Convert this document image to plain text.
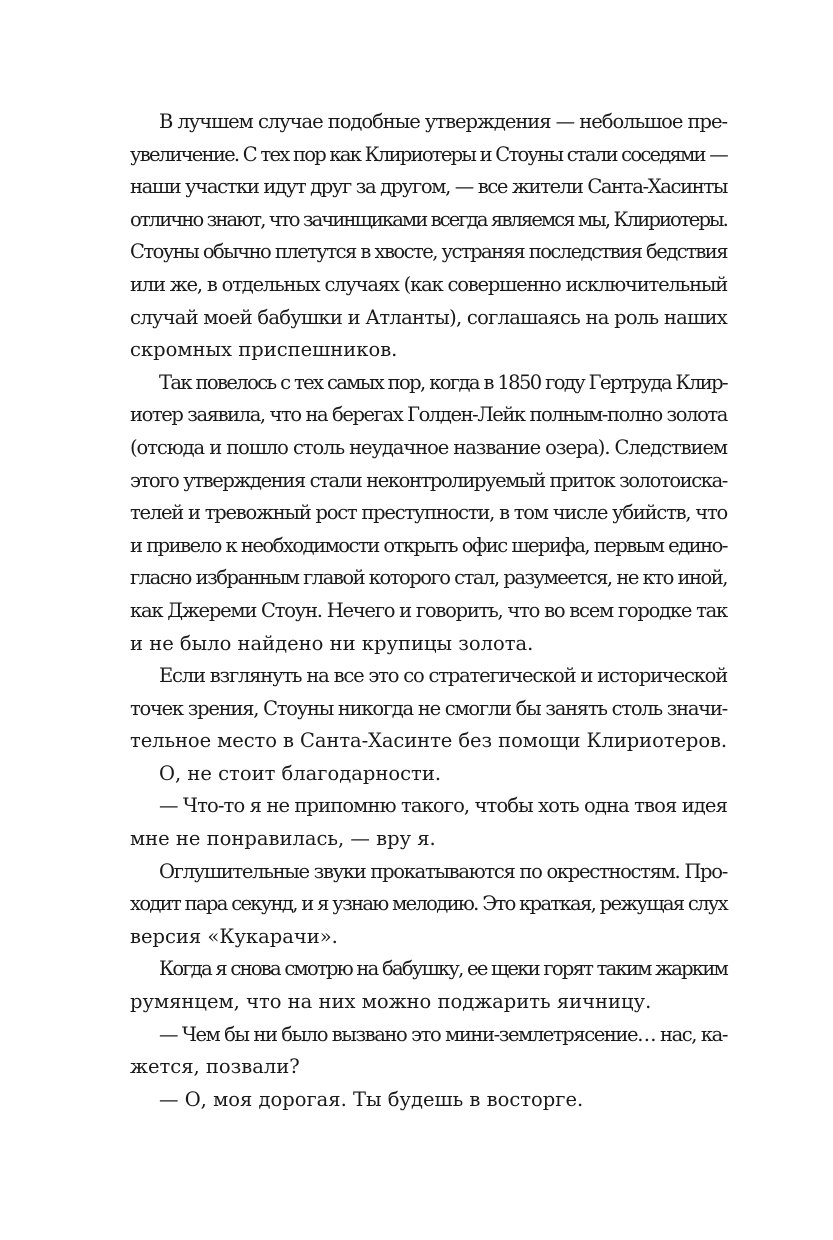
В лучшем случае подобные утверждения — небольшое пре-
увеличение. С тех пор как Клириотеры и Стоуны стали соседями —
наши участки идут друг за другом, — все жители Санта-Хасинты
отлично знают, что зачинщиками всегда являемся мы, Клириотеры.
Стоуны обычно плетутся в хвосте, устраняя последствия бедствия
или же, в отдельных случаях (как совершенно исключительный
случай моей бабушки и Атланты), соглашаясь на роль наших
скромных приспешников.
Так повелось с тех самых пор, когда в 1850 году Гертруда Клир-
иотер заявила, что на берегах Голден-Лейк полным-полно золота
(отсюда и пошло столь неудачное название озера). Следствием
этого утверждения стали неконтролируемый приток золотоиска-
телей и тревожный рост преступности, в том числе убийств, что
и привело к необходимости открыть офис шерифа, первым едино-
гласно избранным главой которого стал, разумеется, не кто иной,
как Джереми Стоун. Нечего и говорить, что во всем городке так
и не было найдено ни крупицы золота.
Если взглянуть на все это со стратегической и исторической
точек зрения, Стоуны никогда не смогли бы занять столь значи-
тельное место в Санта-Хасинте без помощи Клириотеров.
О, не стоит благодарности.
— Что-то я не припомню такого, чтобы хоть одна твоя идея
мне не понравилась, — вру я.
Оглушительные звуки прокатываются по окрестностям. Про-
ходит пара секунд, и я узнаю мелодию. Это краткая, режущая слух
версия «Кукарачи».
Когда я снова смотрю на бабушку, ее щеки горят таким жарким
румянцем, что на них можно поджарить яичницу.
— Чем бы ни было вызвано это мини-землетрясение… нас, ка-
жется, позвали?
— О, моя дорогая. Ты будешь в восторге.
